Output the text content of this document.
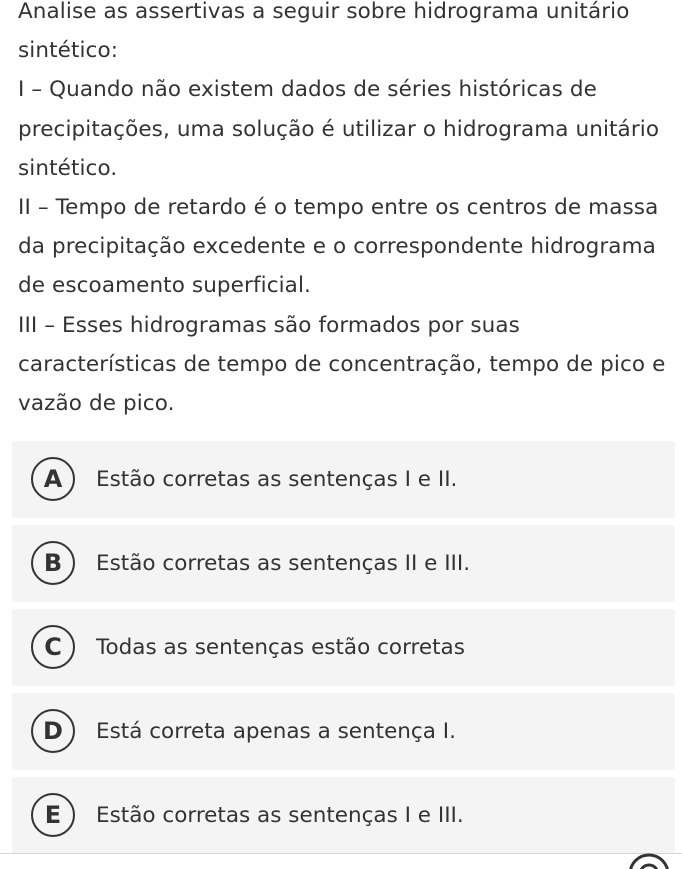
Analise as assertivas a seguir sobre hidrograma unitário sintético:

I – Quando não existem dados de séries históricas de precipitações, uma solução é utilizar o hidrograma unitário sintético.

II – Tempo de retardo é o tempo entre os centros de massa da precipitação excedente e o correspondente hidrograma de escoamento superficial.

III – Esses hidrogramas são formados por suas características de tempo de concentração, tempo de pico e vazão de pico.

A	Estão corretas as sentenças I e II.
B	Estão corretas as sentenças II e III.
C	Todas as sentenças estão corretas
D	Está correta apenas a sentença I.
E	Estão corretas as sentenças I e III.
